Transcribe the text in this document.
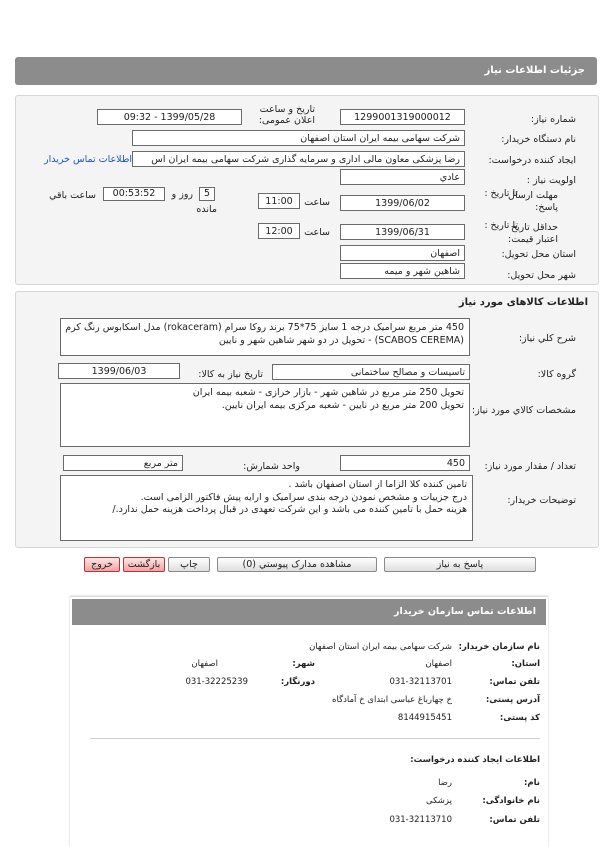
جزئیات اطلاعات نیاز
شماره نیاز:
1299001319000012
تاریخ و ساعت اعلان عمومی:
1399/05/28 - 09:32
نام دستگاه خریدار:
شرکت سهامی بیمه ایران استان اصفهان
ایجاد کننده درخواست:
رضا پزشکی معاون مالی اداری و سرمایه گذاری شرکت سهامی بیمه ایران اس
اطلاعات تماس خریدار
اولویت نیاز :
عادي
مهلت ارسال پاسخ:
تا تاریخ :
1399/06/02
ساعت
11:00
5
روز و
مانده
00:53:52
ساعت باقي
حداقل تاریخ اعتبار قیمت:
تا تاریخ :
1399/06/31
ساعت
12:00
استان محل تحویل:
اصفهان
شهر محل تحویل:
شاهین شهر و میمه
اطلاعات کالاهای مورد نیاز
شرح کلي نیاز:
450 متر مربع سرامیک درجه 1 سایز 75*75 برند روکا سرام (rokaceram) مدل اسکابوس رنگ کرم
(SCABOS CEREMA) - تحویل در دو شهر شاهین شهر و نایین
گروه کالا:
تاسیسات و مصالح ساختمانی
تاریخ نیاز به کالا:
1399/06/03
مشخصات کالاي مورد نیاز:
تحویل 250 متر مربع در شاهین شهر - بازار خرازی - شعبه بیمه ایران
تحویل 200 متر مربع در نایین - شعبه مرکزی بیمه ایران نایین.
تعداد / مقدار مورد نیاز:
450
واحد شمارش:
متر مربع
توضیحات خریدار:
تامین کننده کلا الزاما از استان اصفهان باشد .
درج جزییات و مشخص نمودن درجه بندی سرامیک و ارایه پیش فاکتور الزامی است.
هزینه حمل با تامین کننده می باشد و این شرکت تعهدی در قبال پرداخت هزینه حمل ندارد./
پاسخ به نیاز
مشاهده مدارک پیوستي (0)
چاپ
بازگشت
خروج
اطلاعات تماس سازمان خریدار
نام سازمان خریدار:
شرکت سهامی بیمه ایران استان اصفهان
استان:
اصفهان
شهر:
اصفهان
تلفن تماس:
031-32113701
دورنگار:
031-32225239
آدرس پستی:
خ چهارباغ عباسی ابتدای خ آمادگاه
کد پستی:
8144915451
اطلاعات ایجاد کننده درخواست:
نام:
رضا
نام خانوادگی:
پزشکی
تلفن تماس:
031-32113710
